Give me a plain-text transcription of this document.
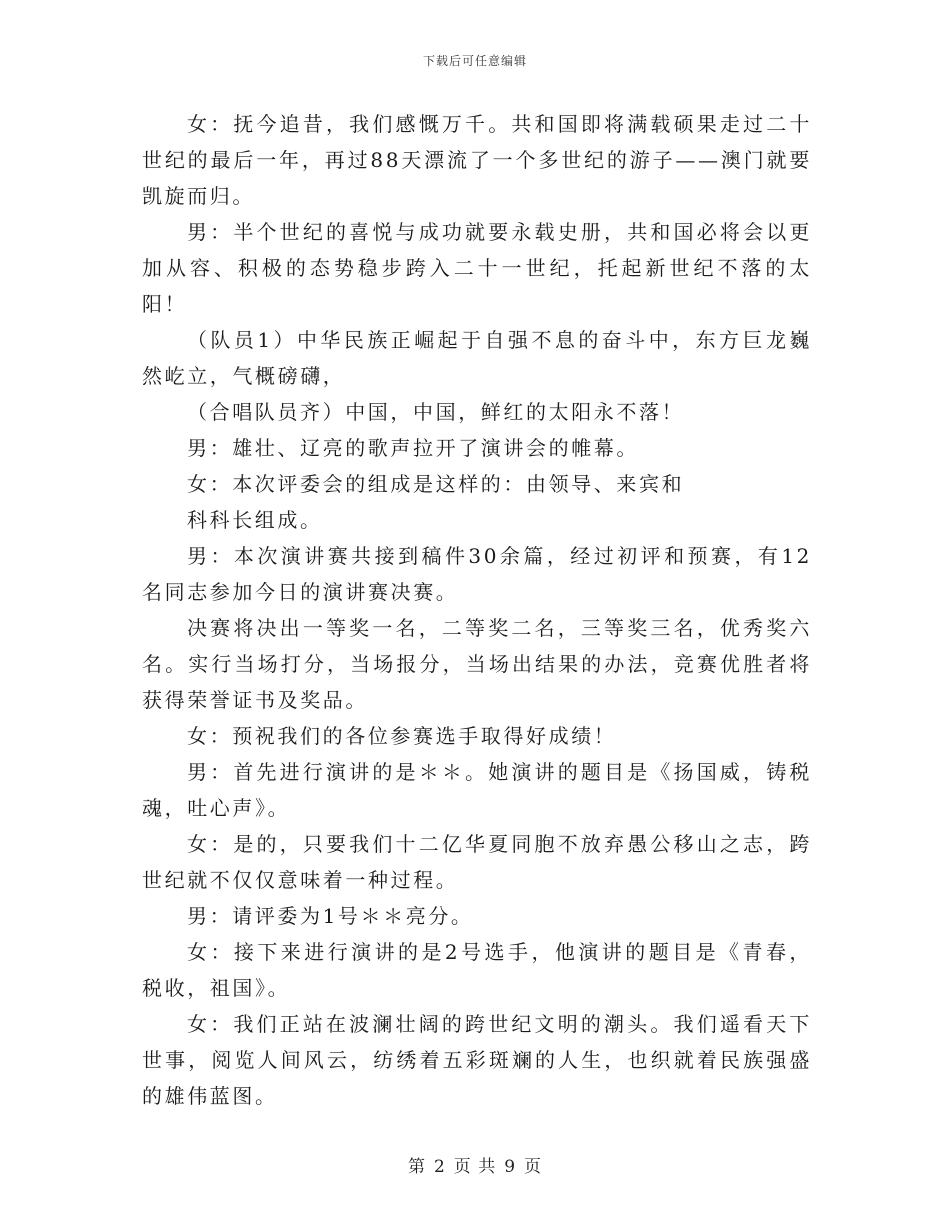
下载后可任意编辑

女：抚今追昔，我们感慨万千。共和国即将满载硕果走过二十世纪的最后一年，再过88天漂流了一个多世纪的游子——澳门就要凯旋而归。

男：半个世纪的喜悦与成功就要永载史册，共和国必将会以更加从容、积极的态势稳步跨入二十一世纪，托起新世纪不落的太阳！

（队员1）中华民族正崛起于自强不息的奋斗中，东方巨龙巍然屹立，气概磅礴，

（合唱队员齐）中国，中国，鲜红的太阳永不落！

男：雄壮、辽亮的歌声拉开了演讲会的帷幕。

女：本次评委会的组成是这样的：由领导、来宾和

科科长组成。

男：本次演讲赛共接到稿件30余篇，经过初评和预赛，有12名同志参加今日的演讲赛决赛。

决赛将决出一等奖一名，二等奖二名，三等奖三名，优秀奖六名。实行当场打分，当场报分，当场出结果的办法，竞赛优胜者将获得荣誉证书及奖品。

女：预祝我们的各位参赛选手取得好成绩！

男：首先进行演讲的是＊＊。她演讲的题目是《扬国威，铸税魂，吐心声》。

女：是的，只要我们十二亿华夏同胞不放弃愚公移山之志，跨世纪就不仅仅意味着一种过程。

男：请评委为1号＊＊亮分。

女：接下来进行演讲的是2号选手，他演讲的题目是《青春，税收，祖国》。

女：我们正站在波澜壮阔的跨世纪文明的潮头。我们遥看天下世事，阅览人间风云，纺绣着五彩斑斓的人生，也织就着民族强盛的雄伟蓝图。

第 2 页 共 9 页
